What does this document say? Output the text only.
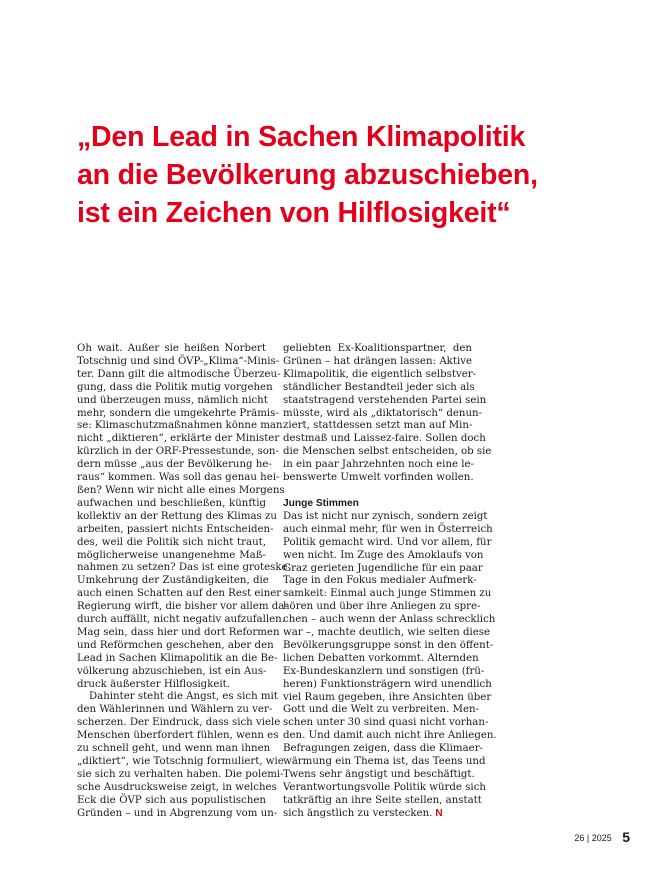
„Den Lead in Sachen Klimapolitik
an die Bevölkerung abzuschieben,
ist ein Zeichen von Hilflosigkeit“
Oh wait. Außer sie heißen Norbert
Totschnig und sind ÖVP-„Klima“-Minis-
ter. Dann gilt die altmodische Überzeu-
gung, dass die Politik mutig vorgehen
und überzeugen muss, nämlich nicht
mehr, sondern die umgekehrte Prämis-
se: Klimaschutzmaßnahmen könne man
nicht „diktieren“, erklärte der Minister
kürzlich in der ORF-Pressestunde, son-
dern müsse „aus der Bevölkerung he-
raus“ kommen. Was soll das genau hei-
ßen? Wenn wir nicht alle eines Morgens
aufwachen und beschließen, künftig
kollektiv an der Rettung des Klimas zu
arbeiten, passiert nichts Entscheiden-
des, weil die Politik sich nicht traut,
möglicherweise unangenehme Maß-
nahmen zu setzen? Das ist eine groteske
Umkehrung der Zuständigkeiten, die
auch einen Schatten auf den Rest einer
Regierung wirft, die bisher vor allem da-
durch auffällt, nicht negativ aufzufallen.
Mag sein, dass hier und dort Reformen
und Reförmchen geschehen, aber den
Lead in Sachen Klimapolitik an die Be-
völkerung abzuschieben, ist ein Aus-
druck äußerster Hilflosigkeit.
Dahinter steht die Angst, es sich mit
den Wählerinnen und Wählern zu ver-
scherzen. Der Eindruck, dass sich viele
Menschen überfordert fühlen, wenn es
zu schnell geht, und wenn man ihnen
„diktiert“, wie Totschnig formuliert, wie
sie sich zu verhalten haben. Die polemi-
sche Ausdrucksweise zeigt, in welches
Eck die ÖVP sich aus populistischen
Gründen – und in Abgrenzung vom un-
geliebten Ex-Koalitionspartner, den
Grünen – hat drängen lassen: Aktive
Klimapolitik, die eigentlich selbstver-
ständlicher Bestandteil jeder sich als
staatstragend verstehenden Partei sein
müsste, wird als „diktatorisch“ denun-
ziert, stattdessen setzt man auf Min-
destmaß und Laissez-faire. Sollen doch
die Menschen selbst entscheiden, ob sie
in ein paar Jahrzehnten noch eine le-
benswerte Umwelt vorfinden wollen.
Junge Stimmen
Das ist nicht nur zynisch, sondern zeigt
auch einmal mehr, für wen in Österreich
Politik gemacht wird. Und vor allem, für
wen nicht. Im Zuge des Amoklaufs von
Graz gerieten Jugendliche für ein paar
Tage in den Fokus medialer Aufmerk-
samkeit: Einmal auch junge Stimmen zu
hören und über ihre Anliegen zu spre-
chen – auch wenn der Anlass schrecklich
war –, machte deutlich, wie selten diese
Bevölkerungsgruppe sonst in den öffent-
lichen Debatten vorkommt. Alternden
Ex-Bundeskanzlern und sonstigen (frü-
heren) Funktionsträgern wird unendlich
viel Raum gegeben, ihre Ansichten über
Gott und die Welt zu verbreiten. Men-
schen unter 30 sind quasi nicht vorhan-
den. Und damit auch nicht ihre Anliegen.
Befragungen zeigen, dass die Klimaer-
wärmung ein Thema ist, das Teens und
Twens sehr ängstigt und beschäftigt.
Verantwortungsvolle Politik würde sich
tatkräftig an ihre Seite stellen, anstatt
sich ängstlich zu verstecken. N
26 | 2025 5
